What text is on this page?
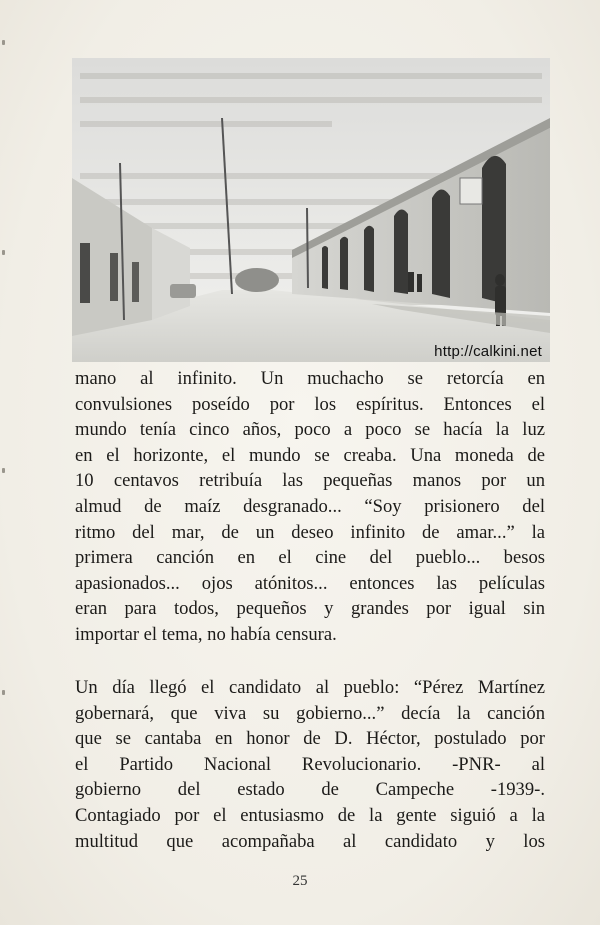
http://calkini.net
mano al infinito. Un muchacho se retorcía en
convulsiones poseído por los espíritus. Entonces el
mundo tenía cinco años, poco a poco se hacía la luz
en el horizonte, el mundo se creaba. Una moneda de
10 centavos retribuía las pequeñas manos por un
almud de maíz desgranado... “Soy prisionero del
ritmo del mar, de un deseo infinito de amar...” la
primera canción en el cine del pueblo... besos
apasionados... ojos atónitos... entonces las películas
eran para todos, pequeños y grandes por igual sin
importar el tema, no había censura.
Un día llegó el candidato al pueblo: “Pérez Martínez
gobernará, que viva su gobierno...” decía la canción
que se cantaba en honor de D. Héctor, postulado por
el Partido Nacional Revolucionario. -PNR- al
gobierno del estado de Campeche -1939-.
Contagiado por el entusiasmo de la gente siguió a la
multitud que acompañaba al candidato y los
25
